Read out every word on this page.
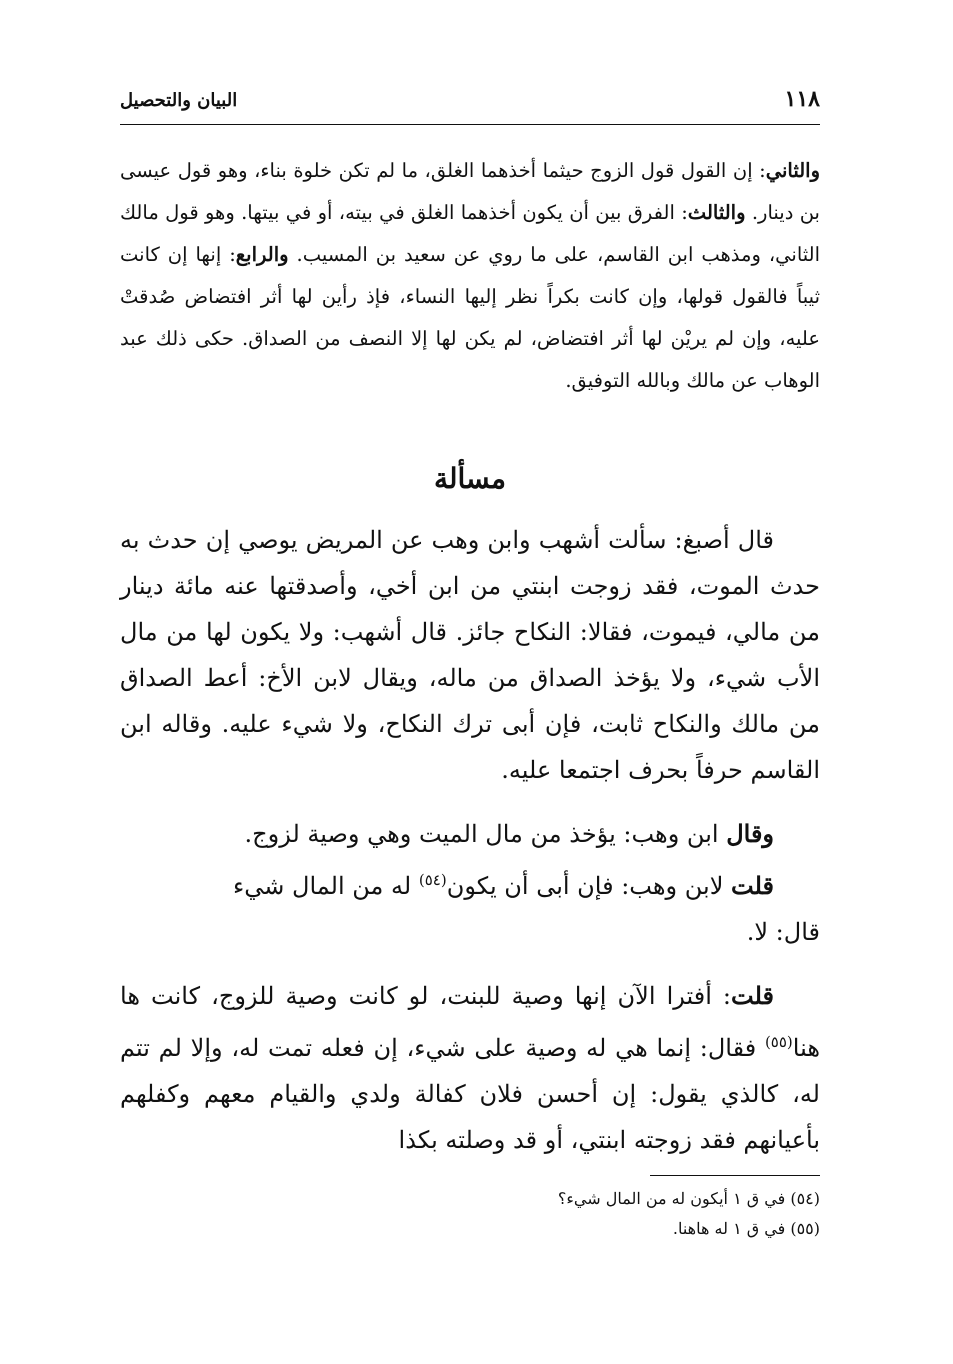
١١٨
البيان والتحصيل

والثاني: إن القول قول الزوج حيثما أخذهما الغلق، ما لم تكن خلوة بناء، وهو قول عيسى بن دينار. والثالث: الفرق بين أن يكون أخذهما الغلق في بيته، أو في بيتها. وهو قول مالك الثاني، ومذهب ابن القاسم، على ما روي عن سعيد بن المسيب. والرابع: إنها إن كانت ثيباً فالقول قولها، وإن كانت بكراً نظر إليها النساء، فإذ رأين لها أثر افتضاض صُدقتْ عليه، وإن لم يريْن لها أثر افتضاض، لم يكن لها إلا النصف من الصداق. حكى ذلك عبد الوهاب عن مالك وبالله التوفيق.

مسألة

قال أصبغ: سألت أشهب وابن وهب عن المريض يوصي إن حدث به حدث الموت، فقد زوجت ابنتي من ابن أخي، وأصدقتها عنه مائة دينار من مالي، فيموت، فقالا: النكاح جائز. قال أشهب: ولا يكون لها من مال الأب شيء، ولا يؤخذ الصداق من ماله، ويقال لابن الأخ: أعط الصداق من مالك والنكاح ثابت، فإن أبى ترك النكاح، ولا شيء عليه. وقاله ابن القاسم حرفاً بحرف اجتمعا عليه.

وقال ابن وهب: يؤخذ من مال الميت وهي وصية لزوج.

قلت لابن وهب: فإن أبى أن يكون$^{(٥٤)}$ له من المال شيء

قال: لا.

قلت: أفترا الآن إنها وصية للبنت، لو كانت وصية للزوج، كانت ها هنا$^{(٥٥)}$ فقال: إنما هي له وصية على شيء، إن فعله تمت له، وإلا لم تتم له، كالذي يقول: إن أحسن فلان كفالة ولدي والقيام معهم وكفلهم بأعيانهم فقد زوجته ابنتي، أو قد وصلته بكذا

(٥٤) في ق ١ أيكون له من المال شيء؟

(٥٥) في ق ١ له هاهنا.
